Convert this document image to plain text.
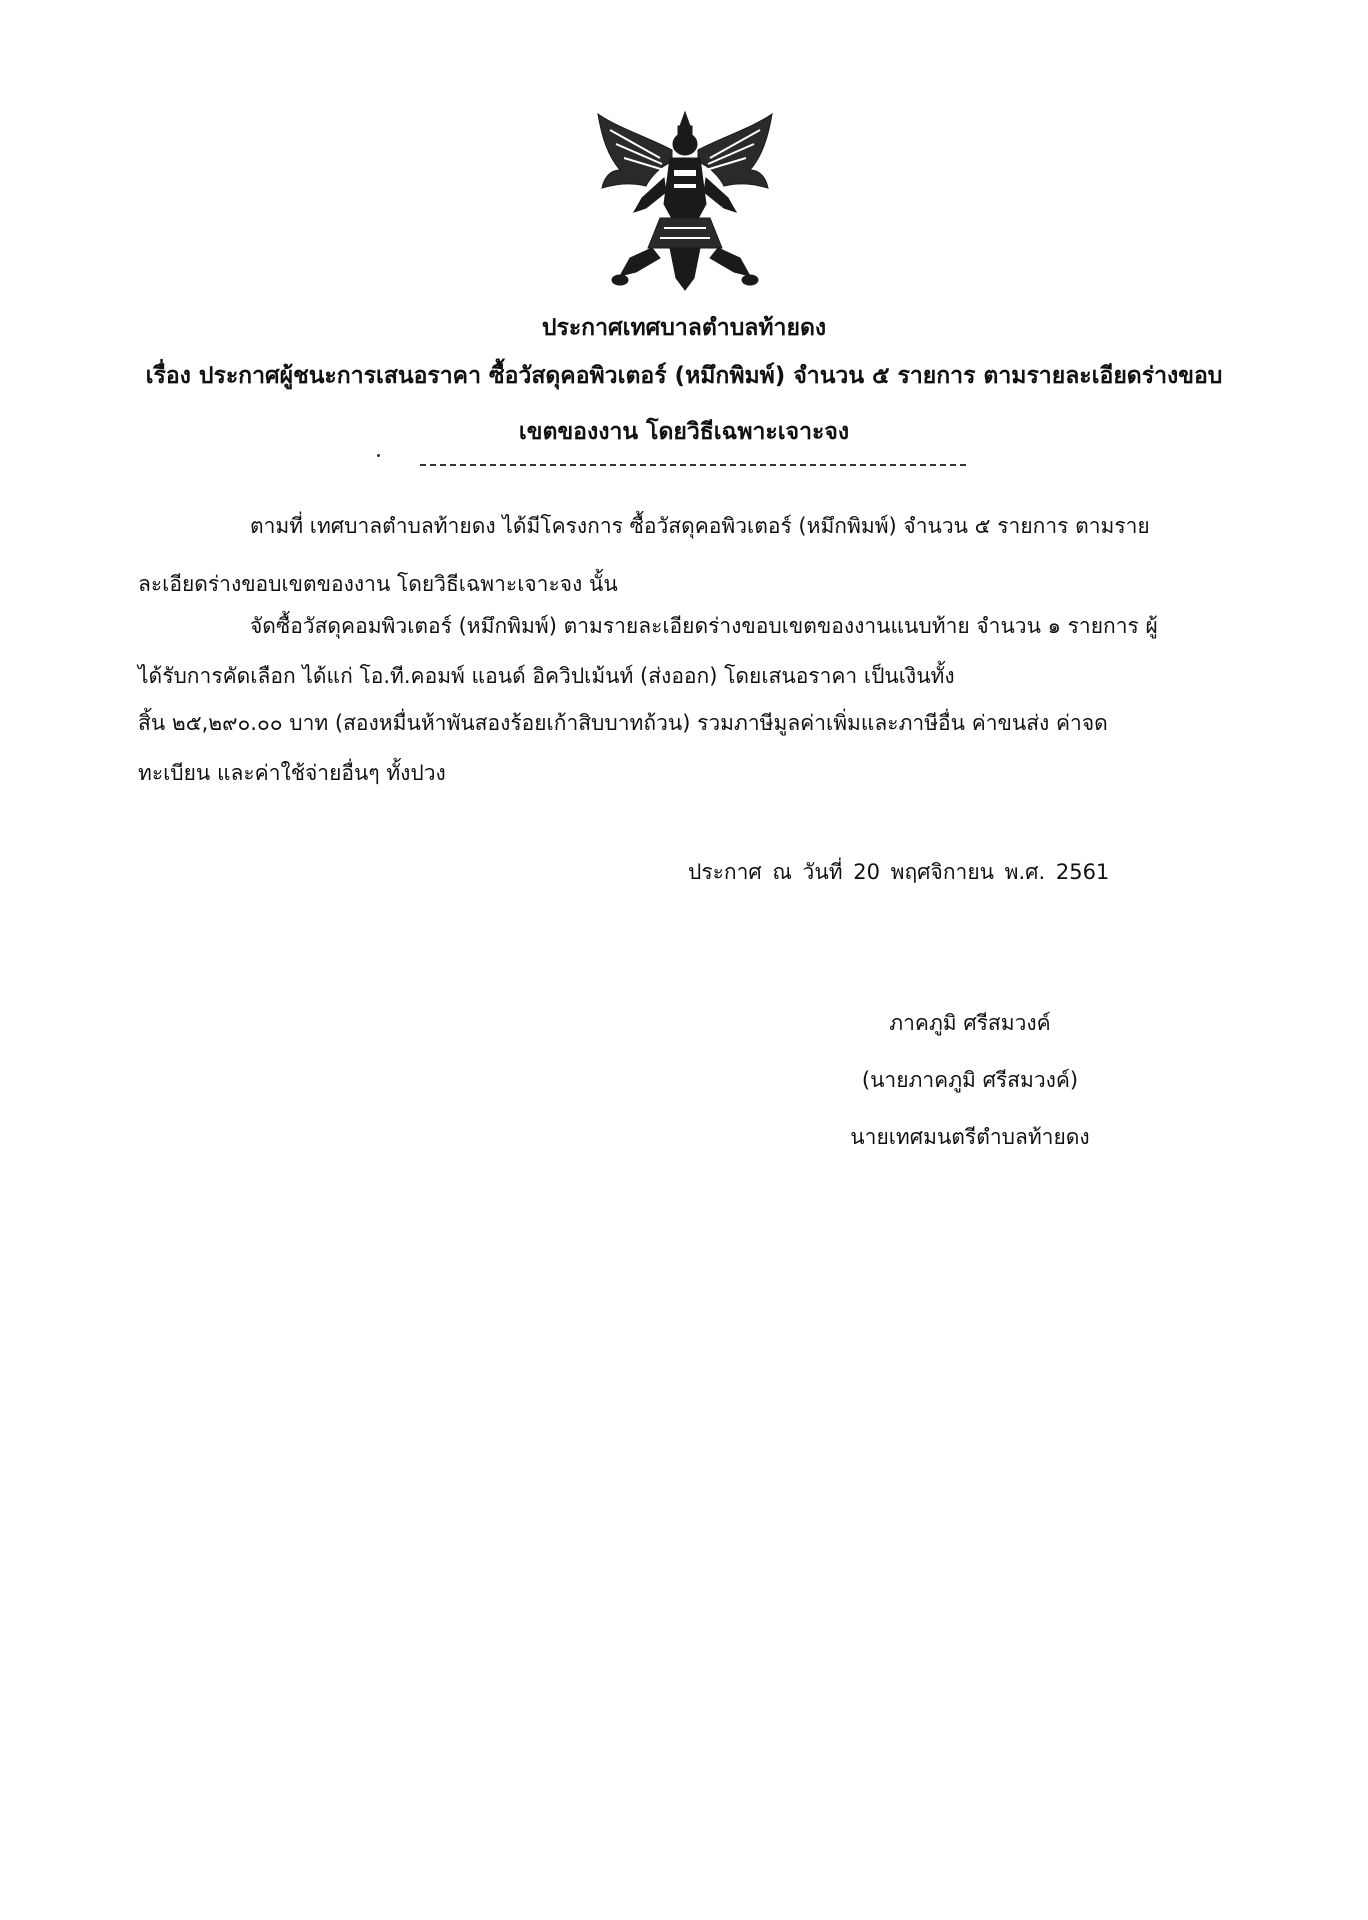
ประกาศเทศบาลตำบลท้ายดง
เรื่อง ประกาศผู้ชนะการเสนอราคา ซื้อวัสดุคอพิวเตอร์ (หมึกพิมพ์) จำนวน ๕ รายการ ตามรายละเอียดร่างขอบ
เขตของงาน โดยวิธีเฉพาะเจาะจง
ตามที่ เทศบาลตำบลท้ายดง ได้มีโครงการ ซื้อวัสดุคอพิวเตอร์ (หมึกพิมพ์) จำนวน ๕ รายการ ตามราย
ละเอียดร่างขอบเขตของงาน โดยวิธีเฉพาะเจาะจง นั้น
จัดซื้อวัสดุคอมพิวเตอร์ (หมึกพิมพ์) ตามรายละเอียดร่างขอบเขตของงานแนบท้าย จำนวน ๑ รายการ ผู้
ได้รับการคัดเลือก ได้แก่ โอ.ที.คอมพ์ แอนด์ อิควิปเม้นท์ (ส่งออก) โดยเสนอราคา เป็นเงินทั้ง
สิ้น ๒๕,๒๙๐.๐๐ บาท (สองหมื่นห้าพันสองร้อยเก้าสิบบาทถ้วน) รวมภาษีมูลค่าเพิ่มและภาษีอื่น ค่าขนส่ง ค่าจด
ทะเบียน และค่าใช้จ่ายอื่นๆ ทั้งปวง
ประกาศ ณ วันที่ 20 พฤศจิกายน พ.ศ. 2561
ภาคภูมิ ศรีสมวงค์
(นายภาคภูมิ ศรีสมวงค์)
นายเทศมนตรีตำบลท้ายดง
